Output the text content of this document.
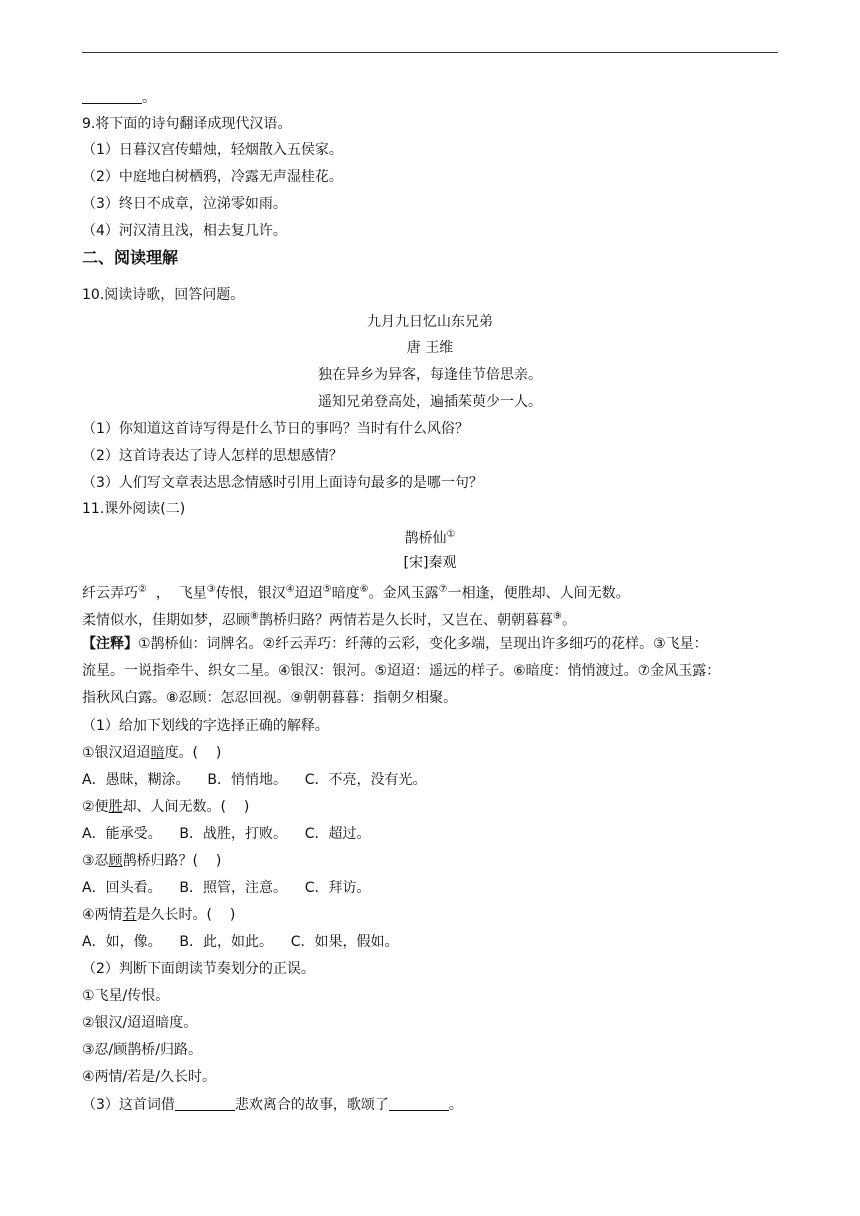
。
9.将下面的诗句翻译成现代汉语。
（1）日暮汉宫传蜡烛，轻烟散入五侯家。
（2）中庭地白树栖鸦，冷露无声湿桂花。
（3）终日不成章，泣涕零如雨。
（4）河汉清且浅，相去复几许。
二、阅读理解
10.阅读诗歌，回答问题。
九月九日忆山东兄弟
唐 王维
独在异乡为异客，每逢佳节倍思亲。
遥知兄弟登高处，遍插茱萸少一人。
（1）你知道这首诗写得是什么节日的事吗？当时有什么风俗？
（2）这首诗表达了诗人怎样的思想感情？
（3）人们写文章表达思念情感时引用上面诗句最多的是哪一句？
11.课外阅读(二)
鹊桥仙①
[宋]秦观
纤云弄巧②  ，  飞星③传恨，银汉④迢迢⑤暗度⑥。金风玉露⑦一相逢，便胜却、人间无数。
柔情似水，佳期如梦，忍顾⑧鹊桥归路？两情若是久长时，又岂在、朝朝暮暮⑨。
【注释】①鹊桥仙：词牌名。②纤云弄巧：纤薄的云彩，变化多端，呈现出许多细巧的花样。③飞星：
流星。一说指牵牛、织女二星。④银汉：银河。⑤迢迢：遥远的样子。⑥暗度：悄悄渡过。⑦金风玉露：
指秋风白露。⑧忍顾：怎忍回视。⑨朝朝暮暮：指朝夕相聚。
（1）给加下划线的字选择正确的解释。
①银汉迢迢暗度。(    )
A．愚昧，糊涂。    B．悄悄地。    C．不亮，没有光。
②便胜却、人间无数。(    )
A．能承受。    B．战胜，打败。    C．超过。
③忍顾鹊桥归路？(    )
A．回头看。    B．照管，注意。    C．拜访。
④两情若是久长时。(    )
A．如，像。    B．此，如此。    C．如果，假如。
（2）判断下面朗读节奏划分的正误。
①飞星/传恨。
②银汉/迢迢暗度。
③忍/顾鹊桥/归路。
④两情/若是/久长时。
（3）这首词借	悲欢离合的故事，歌颂了	。
